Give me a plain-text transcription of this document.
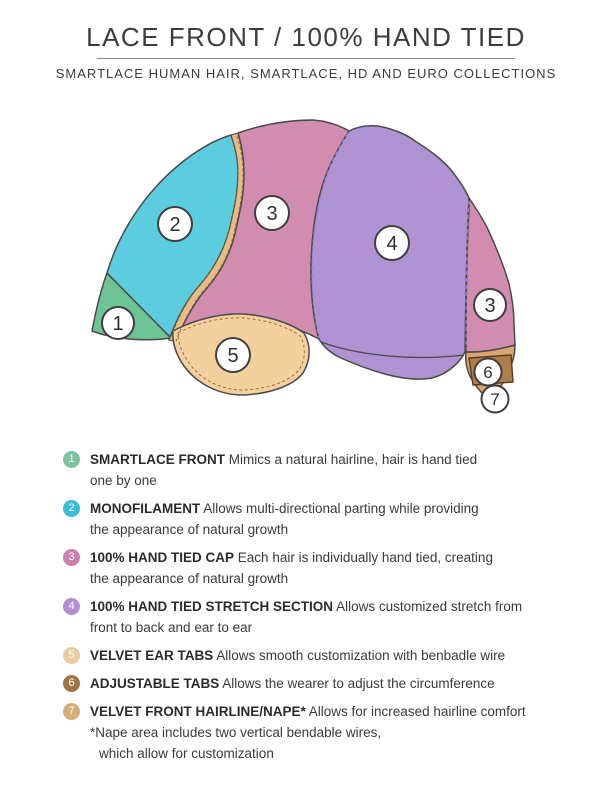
LACE FRONT / 100% HAND TIED
SMARTLACE HUMAN HAIR, SMARTLACE, HD AND EURO COLLECTIONS
1
2	3
4
3
5
6
7
1	SMARTLACE FRONT Mimics a natural hairline, hair is hand tied
one by one
2	MONOFILAMENT Allows multi-directional parting while providing
the appearance of natural growth
3	100% HAND TIED CAP Each hair is individually hand tied, creating
the appearance of natural growth
4	100% HAND TIED STRETCH SECTION Allows customized stretch from
front to back and ear to ear
5	VELVET EAR TABS Allows smooth customization with benbadle wire
6	ADJUSTABLE TABS Allows the wearer to adjust the circumference
7	VELVET FRONT HAIRLINE/NAPE* Allows for increased hairline comfort
*Nape area includes two vertical bendable wires,
which allow for customization
